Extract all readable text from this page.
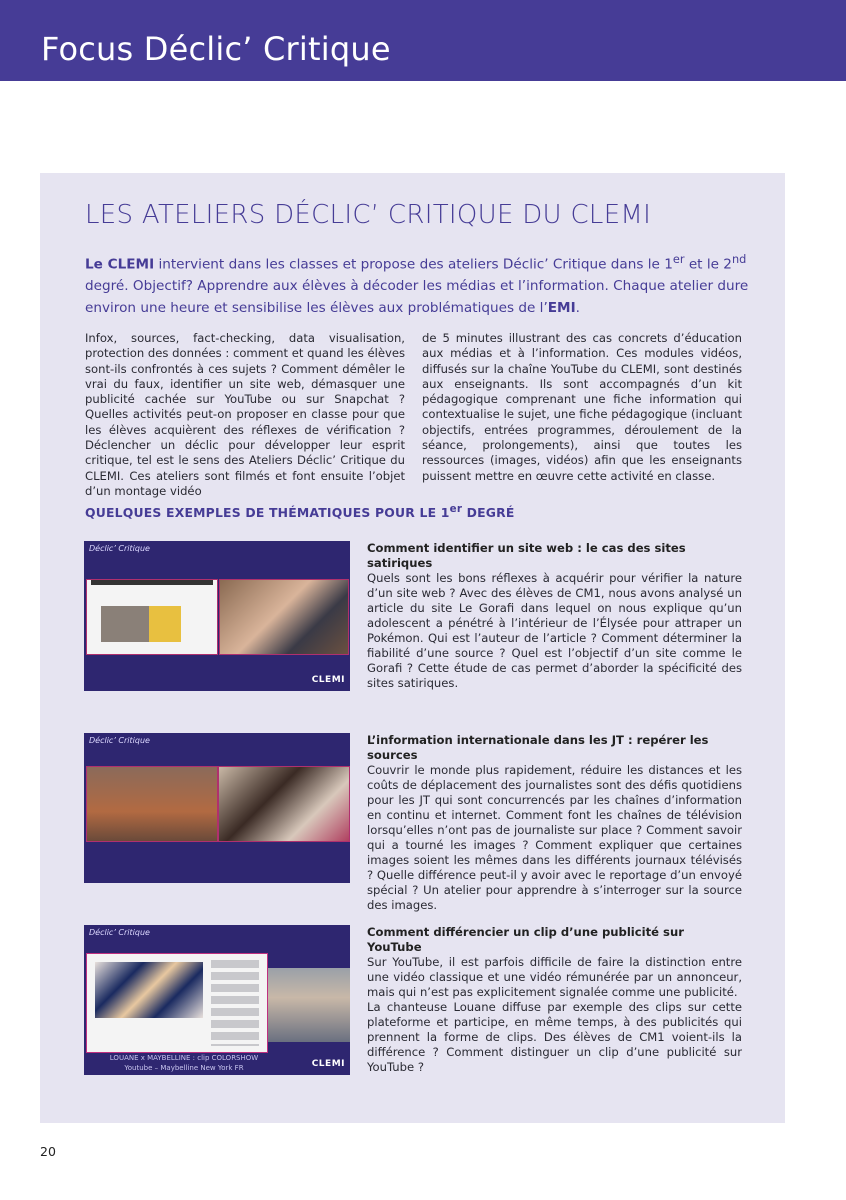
Focus Déclic’ Critique
LES ATELIERS DÉCLIC’ CRITIQUE DU CLEMI
Le CLEMI intervient dans les classes et propose des ateliers Déclic’ Critique dans le 1er et le 2nd degré. Objectif? Apprendre aux élèves à décoder les médias et l’information. Chaque atelier dure environ une heure et sensibilise les élèves aux problématiques de l’EMI.
Infox, sources, fact-checking, data visualisation, protection des données : comment et quand les élèves sont-ils confrontés à ces sujets ? Comment démêler le vrai du faux, identifier un site web, démasquer une publicité cachée sur YouTube ou sur Snapchat ? Quelles activités peut-on proposer en classe pour que les élèves acquièrent des réflexes de vérification ? Déclencher un déclic pour développer leur esprit critique, tel est le sens des Ateliers Déclic’ Critique du CLEMI. Ces ateliers sont filmés et font ensuite l’objet d’un montage vidéo
de 5 minutes illustrant des cas concrets d’éducation aux médias et à l’information. Ces modules vidéos, diffusés sur la chaîne YouTube du CLEMI, sont destinés aux enseignants. Ils sont accompagnés d’un kit pédagogique comprenant une fiche information qui contextualise le sujet, une fiche pédagogique (incluant objectifs, entrées programmes, déroulement de la séance, prolongements), ainsi que toutes les ressources (images, vidéos) afin que les enseignants puissent mettre en œuvre cette activité en classe.
QUELQUES EXEMPLES DE THÉMATIQUES POUR LE 1er DEGRÉ
Déclic’ Critique
CLEMI
Comment identifier un site web : le cas des sites satiriques
Quels sont les bons réflexes à acquérir pour vérifier la nature d’un site web ? Avec des élèves de CM1, nous avons analysé un article du site Le Gorafi dans lequel on nous explique qu’un adolescent a pénétré à l’intérieur de l’Élysée pour attraper un Pokémon. Qui est l’auteur de l’article ? Comment déterminer la fiabilité d’une source ? Quel est l’objectif d’un site comme le Gorafi ? Cette étude de cas permet d’aborder la spécificité des sites satiriques.
Déclic’ Critique	L’information internationale dans les JT : repérer les sources
Couvrir le monde plus rapidement, réduire les distances et les coûts de déplacement des journalistes sont des défis quotidiens pour les JT qui sont concurrencés par les chaînes d’information en continu et internet. Comment font les chaînes de télévision lorsqu’elles n’ont pas de journaliste sur place ? Comment savoir qui a tourné les images ? Comment expliquer que certaines images soient les mêmes dans les différents journaux télévisés ? Quelle différence peut-il y avoir avec le reportage d’un envoyé spécial ? Un atelier pour apprendre à s’interroger sur la source des images.
Déclic’ Critique
LOUANE x MAYBELLINE : clip COLORSHOW
Youtube – Maybelline New York FR	CLEMI
Comment différencier un clip d’une publicité sur YouTube
Sur YouTube, il est parfois difficile de faire la distinction entre une vidéo classique et une vidéo rémunérée par un annonceur, mais qui n’est pas explicitement signalée comme une publicité.
La chanteuse Louane diffuse par exemple des clips sur cette plateforme et participe, en même temps, à des publicités qui prennent la forme de clips. Des élèves de CM1 voient-ils la différence ? Comment distinguer un clip d’une publicité sur YouTube ?
20
